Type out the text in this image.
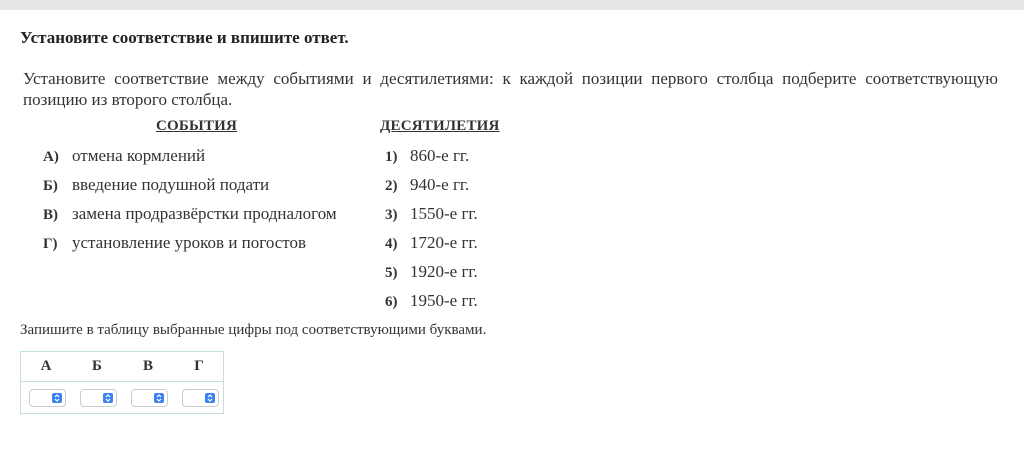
Установите соответствие и впишите ответ.
Установите соответствие между событиями и десятилетиями: к каждой позиции первого столбца подберите соответствующую позицию из второго столбца.
СОБЫТИЯ	ДЕСЯТИЛЕТИЯ
А) отмена кормлений
Б) введение подушной подати
В) замена продразвёрстки продналогом
Г) установление уроков и погостов
1) 860-е гг.
2) 940-е гг.
3) 1550-е гг.
4) 1720-е гг.
5) 1920-е гг.
6) 1950-е гг.
Запишите в таблицу выбранные цифры под соответствующими буквами.
А	Б	В	Г
